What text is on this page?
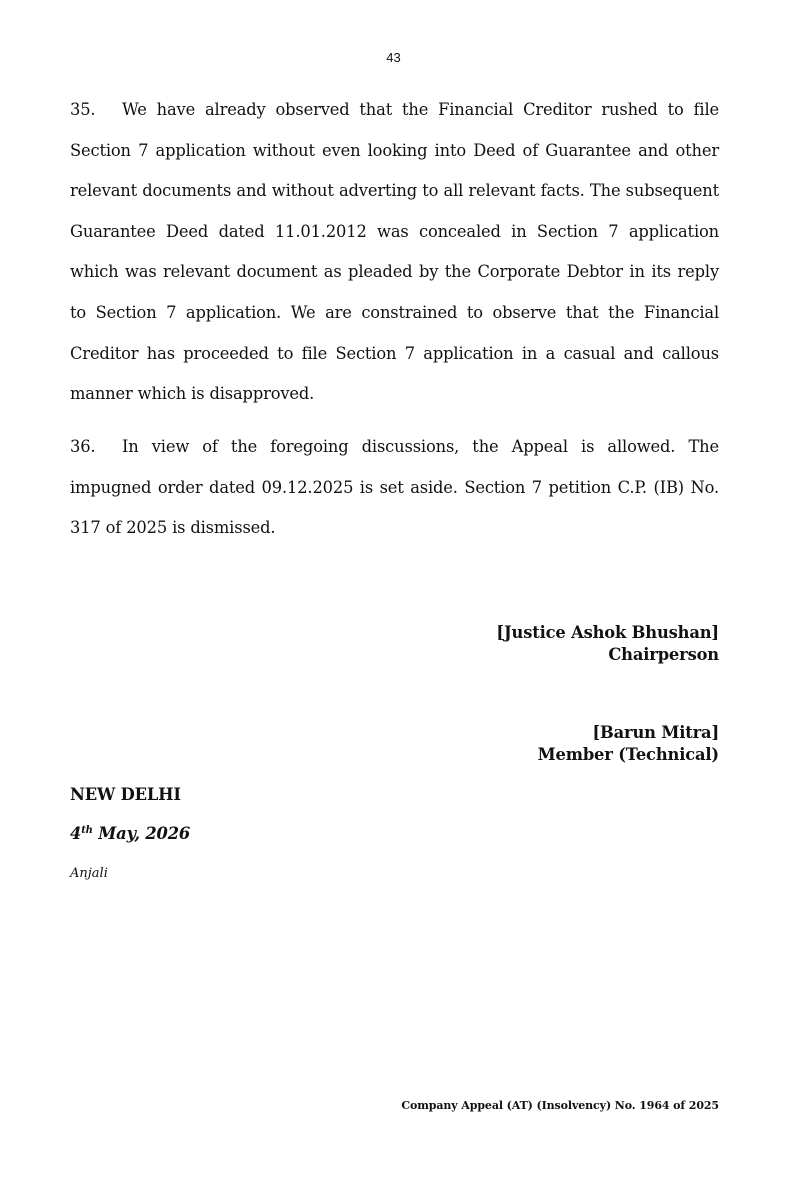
43

35. We have already observed that the Financial Creditor rushed to file Section 7 application without even looking into Deed of Guarantee and other relevant documents and without adverting to all relevant facts. The subsequent Guarantee Deed dated 11.01.2012 was concealed in Section 7 application which was relevant document as pleaded by the Corporate Debtor in its reply to Section 7 application. We are constrained to observe that the Financial Creditor has proceeded to file Section 7 application in a casual and callous manner which is disapproved.

36. In view of the foregoing discussions, the Appeal is allowed. The impugned order dated 09.12.2025 is set aside. Section 7 petition C.P. (IB) No. 317 of 2025 is dismissed.

[Justice Ashok Bhushan]
Chairperson
[Barun Mitra]
Member (Technical)
NEW DELHI
4th May, 2026
Anjali
Company Appeal (AT) (Insolvency) No. 1964 of 2025
